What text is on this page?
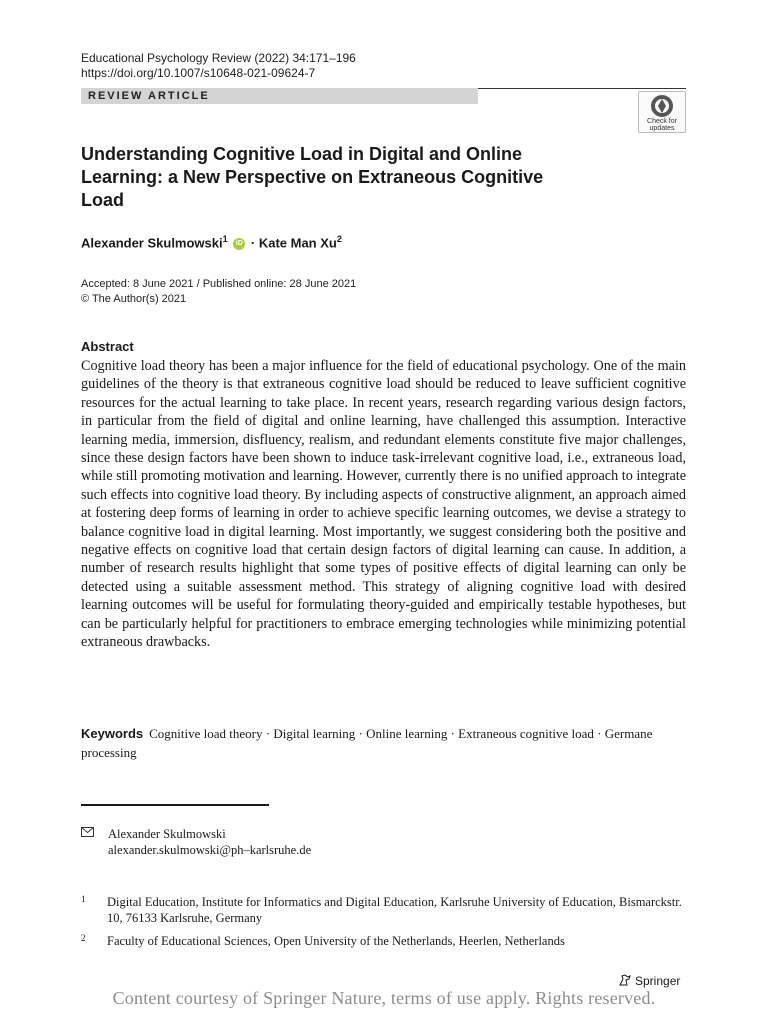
Educational Psychology Review (2022) 34:171–196
https://doi.org/10.1007/s10648-021-09624-7
REVIEW ARTICLE
Check for
updates
Understanding Cognitive Load in Digital and Online Learning: a New Perspective on Extraneous Cognitive Load
Alexander Skulmowski$^1$ iD · Kate Man Xu$^2$
Accepted: 8 June 2021 / Published online: 28 June 2021
© The Author(s) 2021
Abstract
Cognitive load theory has been a major influence for the field of educational psychology. One of the main guidelines of the theory is that extraneous cognitive load should be reduced to leave sufficient cognitive resources for the actual learning to take place. In recent years, research regarding various design factors, in particular from the field of digital and online learning, have challenged this assumption. Interactive learning media, immersion, disfluency, realism, and redundant elements constitute five major challenges, since these design factors have been shown to induce task-irrelevant cognitive load, i.e., extraneous load, while still promoting motivation and learning. However, currently there is no unified approach to integrate such effects into cognitive load theory. By including aspects of constructive alignment, an approach aimed at fostering deep forms of learning in order to achieve specific learning outcomes, we devise a strategy to balance cognitive load in digital learning. Most importantly, we suggest considering both the positive and negative effects on cognitive load that certain design factors of digital learning can cause. In addition, a number of research results highlight that some types of positive effects of digital learning can only be detected using a suitable assessment method. This strategy of aligning cognitive load with desired learning outcomes will be useful for formulating theory-guided and empirically testable hypotheses, but can be particularly helpful for practitioners to embrace emerging technologies while minimizing potential extraneous drawbacks.
Keywords Cognitive load theory · Digital learning · Online learning · Extraneous cognitive load · Germane processing
Alexander Skulmowski
alexander.skulmowski@ph–karlsruhe.de
1 Digital Education, Institute for Informatics and Digital Education, Karlsruhe University of Education, Bismarckstr. 10, 76133 Karlsruhe, Germany
2 Faculty of Educational Sciences, Open University of the Netherlands, Heerlen, Netherlands
Springer
Content courtesy of Springer Nature, terms of use apply. Rights reserved.
